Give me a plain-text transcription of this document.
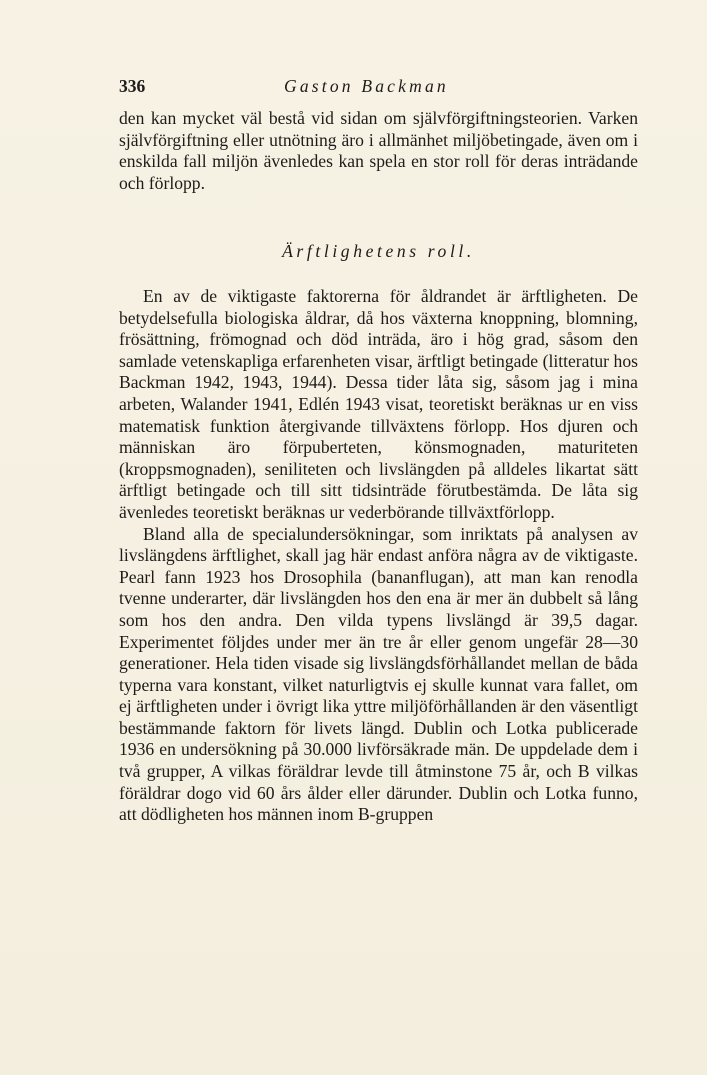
336	Gaston Backman

den kan mycket väl bestå vid sidan om självförgiftningsteorien. Varken självförgiftning eller utnötning äro i allmänhet miljöbetingade, även om i enskilda fall miljön ävenledes kan spela en stor roll för deras inträdande och förlopp.

Ärftlighetens roll.

En av de viktigaste faktorerna för åldrandet är ärftligheten. De betydelsefulla biologiska åldrar, då hos växterna knoppning, blomning, frösättning, frömognad och död inträda, äro i hög grad, såsom den samlade vetenskapliga erfarenheten visar, ärftligt betingade (litteratur hos Backman 1942, 1943, 1944). Dessa tider låta sig, såsom jag i mina arbeten, Walander 1941, Edlén 1943 visat, teoretiskt beräknas ur en viss matematisk funktion återgivande tillväxtens förlopp. Hos djuren och människan äro förpuberteten, könsmognaden, maturiteten (kroppsmognaden), seniliteten och livslängden på alldeles likartat sätt ärftligt betingade och till sitt tidsinträde förutbestämda. De låta sig ävenledes teoretiskt beräknas ur vederbörande tillväxtförlopp.

Bland alla de specialundersökningar, som inriktats på analysen av livslängdens ärftlighet, skall jag här endast anföra några av de viktigaste. Pearl fann 1923 hos Drosophila (bananflugan), att man kan renodla tvenne underarter, där livslängden hos den ena är mer än dubbelt så lång som hos den andra. Den vilda typens livslängd är 39,5 dagar. Experimentet följdes under mer än tre år eller genom ungefär 28—30 generationer. Hela tiden visade sig livslängdsförhållandet mellan de båda typerna vara konstant, vilket naturligtvis ej skulle kunnat vara fallet, om ej ärftligheten under i övrigt lika yttre miljöförhållanden är den väsentligt bestämmande faktorn för livets längd. Dublin och Lotka publicerade 1936 en undersökning på 30.000 livförsäkrade män. De uppdelade dem i två grupper, A vilkas föräldrar levde till åtminstone 75 år, och B vilkas föräldrar dogo vid 60 års ålder eller därunder. Dublin och Lotka funno, att dödligheten hos männen inom B-gruppen
